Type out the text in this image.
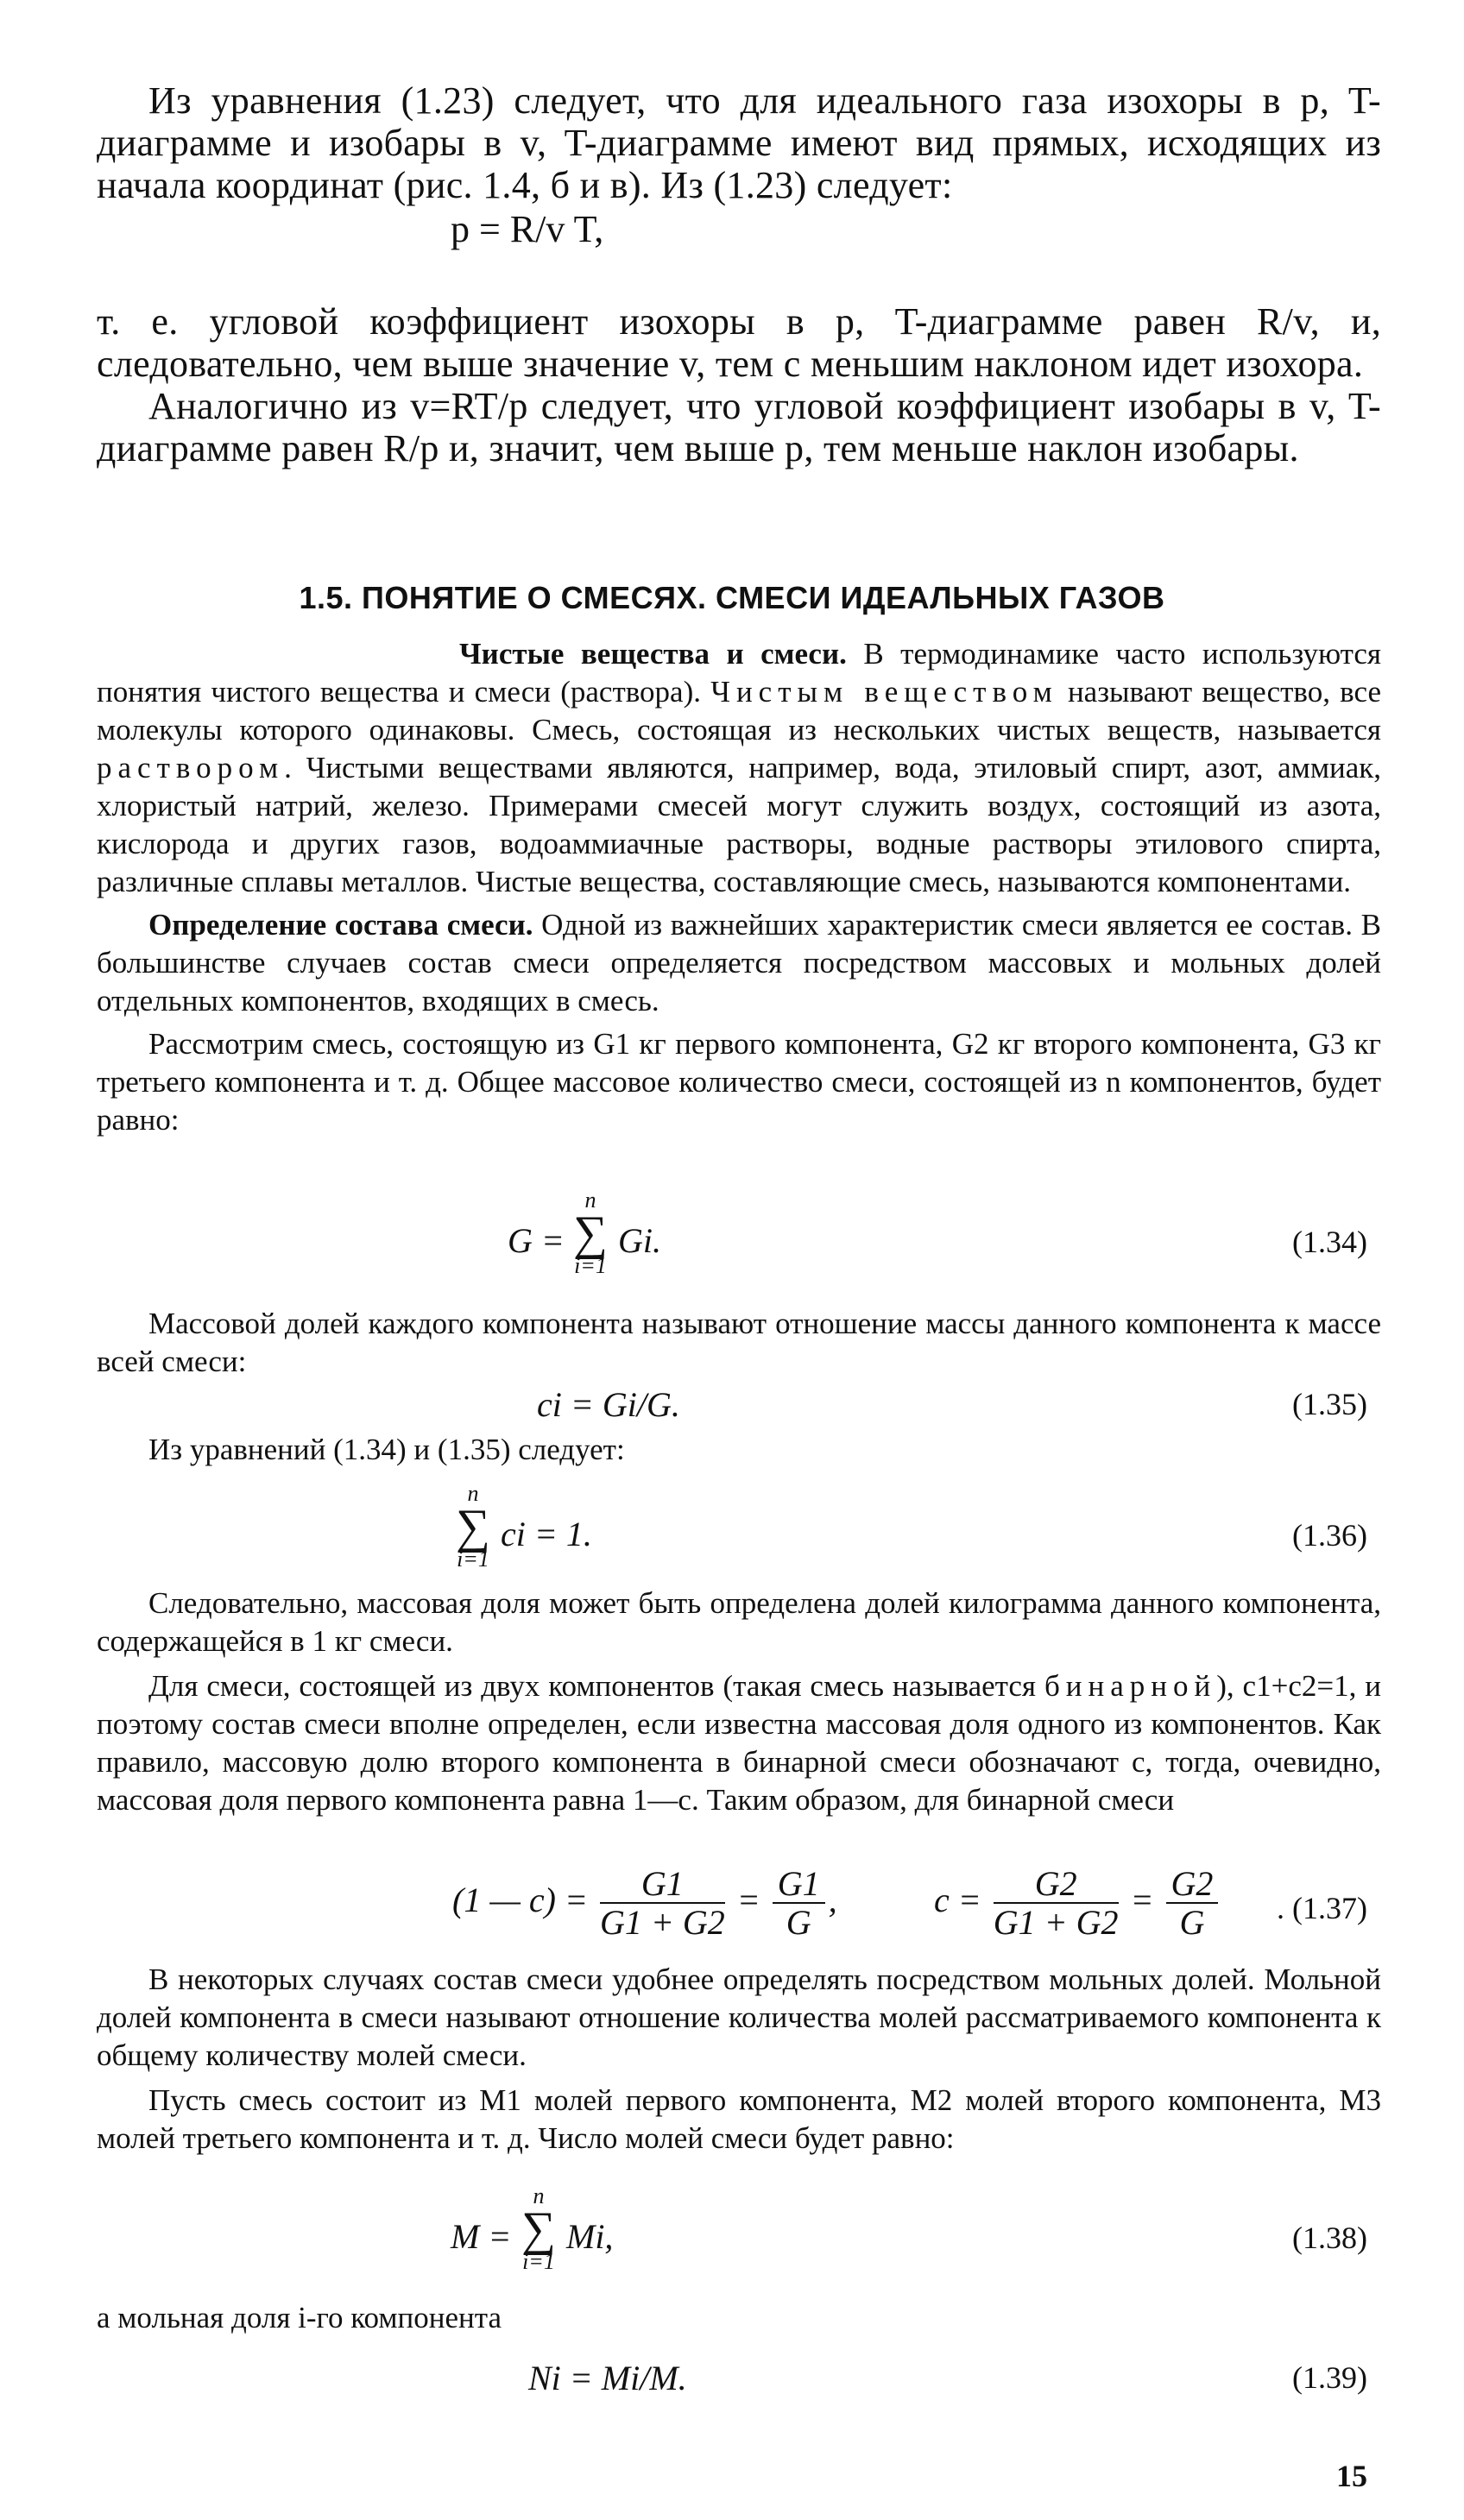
Из уравнения (1.23) следует, что для идеального газа изохоры в p, T-диаграмме и изобары в v, T-диаграмме имеют вид прямых, исходящих из начала координат (рис. 1.4, б и в). Из (1.23) следует:

p = R/v T,

т. е. угловой коэффициент изохоры в p, T-диаграмме равен R/v, и, следовательно, чем выше значение v, тем с меньшим наклоном идет изохора.

Аналогично из v=RT/p следует, что угловой коэффициент изобары в v, T-диаграмме равен R/p и, значит, чем выше p, тем меньше наклон изобары.

1.5. ПОНЯТИЕ О СМЕСЯХ. СМЕСИ ИДЕАЛЬНЫХ ГАЗОВ

Чистые вещества и смеси. В термодинамике часто используются понятия чистого вещества и смеси (раствора). Чистым веществом называют вещество, все молекулы которого одинаковы. Смесь, состоящая из нескольких чистых веществ, называется раствором. Чистыми веществами являются, например, вода, этиловый спирт, азот, аммиак, хлористый натрий, железо. Примерами смесей могут служить воздух, состоящий из азота, кислорода и других газов, водоаммиачные растворы, водные растворы этилового спирта, различные сплавы металлов. Чистые вещества, составляющие смесь, называются компонентами.

Определение состава смеси. Одной из важнейших характеристик смеси является ее состав. В большинстве случаев состав смеси определяется посредством массовых и мольных долей отдельных компонентов, входящих в смесь.

Рассмотрим смесь, состоящую из G1 кг первого компонента, G2 кг второго компонента, G3 кг третьего компонента и т. д. Общее массовое количество смеси, состоящей из n компонентов, будет равно:

G =
n
∑
i=1
Gi.	(1.34)

Массовой долей каждого компонента называют отношение массы данного компонента к массе всей смеси:

ci = Gi/G.	(1.35)

Из уравнений (1.34) и (1.35) следует:

n
∑
i=1
ci = 1.	(1.36)

Следовательно, массовая доля может быть определена долей килограмма данного компонента, содержащейся в 1 кг смеси.

Для смеси, состоящей из двух компонентов (такая смесь называется бинарной), c1+c2=1, и поэтому состав смеси вполне определен, если известна массовая доля одного из компонентов. Как правило, массовую долю второго компонента в бинарной смеси обозначают c, тогда, очевидно, массовая доля первого компонента равна 1—c. Таким образом, для бинарной смеси

(1 — $c) = \frac{G1}{G1 + G2} = \frac{G1}{G}$ ,	$c = \frac{G2}{G1 + G2} = \frac{G2}{G}$ . (1.37)

В некоторых случаях состав смеси удобнее определять посредством мольных долей. Мольной долей компонента в смеси называют отношение количества молей рассматриваемого компонента к общему количеству молей смеси.

Пусть смесь состоит из M1 молей первого компонента, M2 молей второго компонента, M3 молей третьего компонента и т. д. Число молей смеси будет равно:

M =
n
∑
i=1
Mi,	(1.38)

а мольная доля i-го компонента

Ni = Mi/M.	(1.39)
15
